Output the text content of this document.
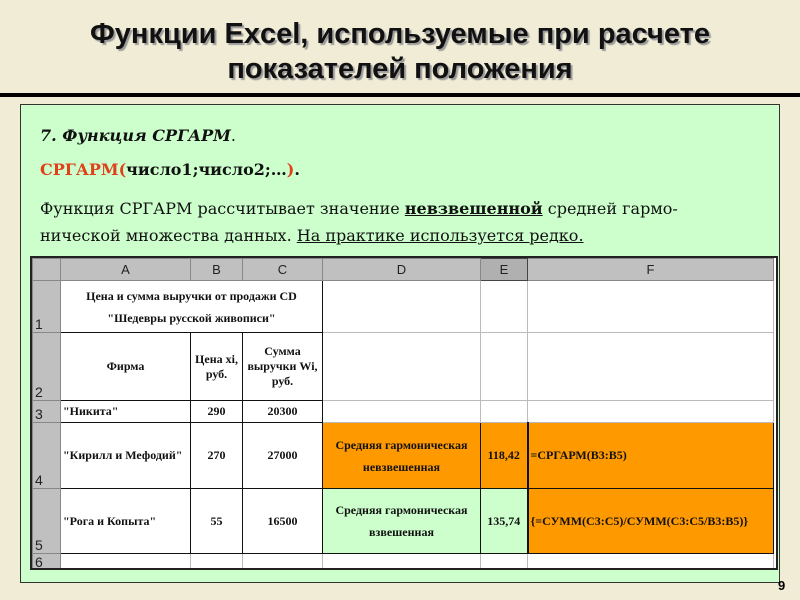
Функции Excel, используемые при расчете
показателей положения
7. Функция СРГАРМ.
СРГАРМ(число1;число2;…).
Функция СРГАРМ рассчитывает значение невзвешенной средней гармо-
нической множества данных. На практике используется редко.
	A	B	C	D	E	F
1	Цена и сумма выручки от продажи CD "Шедевры русской живописи"					
2	Фирма	Цена xi, руб.	Сумма выручки Wi, руб.			
3	"Никита"	290	20300			
4	"Кирилл и Мефодий"	270	27000	Средняя гармоническая невзвешенная	118,42	=СРГАРМ(B3:B5)
5	"Рога и Копыта"	55	16500	Средняя гармоническая взвешенная	135,74	{=СУММ(C3:C5)/СУММ(C3:C5/B3:B5)}
6						
9
